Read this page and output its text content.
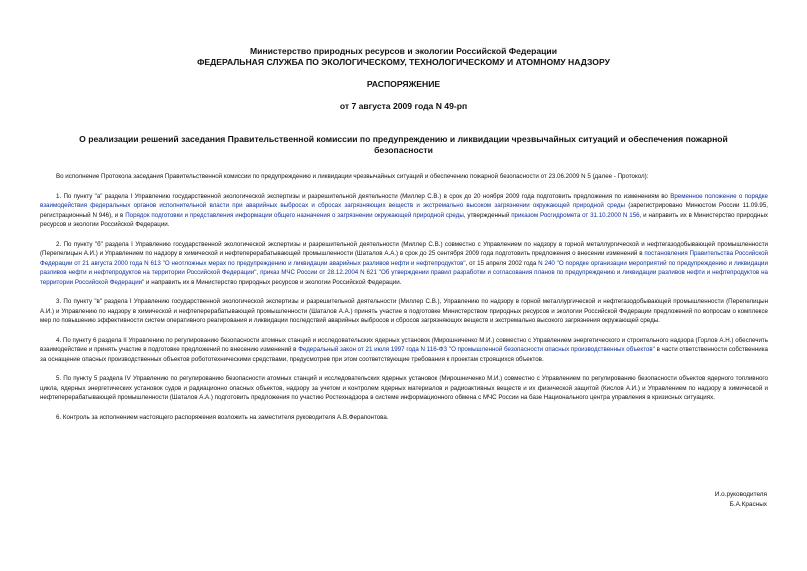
Министерство природных ресурсов и экологии Российской Федерации
ФЕДЕРАЛЬНАЯ СЛУЖБА ПО ЭКОЛОГИЧЕСКОМУ, ТЕХНОЛОГИЧЕСКОМУ И АТОМНОМУ НАДЗОРУ
РАСПОРЯЖЕНИЕ
от 7 августа 2009 года N 49-рп
О реализации решений заседания Правительственной комиссии по предупреждению и ликвидации чрезвычайных ситуаций и обеспечения пожарной безопасности

Во исполнение Протокола заседания Правительственной комиссии по предупреждению и ликвидации чрезвычайных ситуаций и обеспечению пожарной безопасности от 23.06.2009 N 5 (далее - Протокол):

1. По пункту "а" раздела I Управлению государственной экологической экспертизы и разрешительной деятельности (Миллер С.В.) в срок до 20 ноября 2009 года подготовить предложения по изменениям во Временное положение о порядке взаимодействия федеральных органов исполнительной власти при аварийных выбросах и сбросах загрязняющих веществ и экстремально высоком загрязнении окружающей природной среды (зарегистрировано Минюстом России 11.09.95, регистрационный N 946), и в Порядок подготовки и представления информации общего назначения о загрязнении окружающей природной среды, утвержденный приказом Росгидромета от 31.10.2000 N 156, и направить их в Министерство природных ресурсов и экологии Российской Федерации.

2. По пункту "б" раздела I Управлению государственной экологической экспертизы и разрешительной деятельности (Миллер С.В.) совместно с Управлением по надзору в горной металлургической и нефтегазодобывающей промышленности (Перепелицын А.И.) и Управлением по надзору в химической и нефтеперерабатывающей промышленности (Шаталов А.А.) в срок до 25 сентября 2009 года подготовить предложения о внесении изменений в постановления Правительства Российской Федерации от 21 августа 2000 года N 613 "О неотложных мерах по предупреждению и ликвидации аварийных разливов нефти и нефтепродуктов", от 15 апреля 2002 года N 240 "О порядке организации мероприятий по предупреждению и ликвидации разливов нефти и нефтепродуктов на территории Российской Федерации", приказ МЧС России от 28.12.2004 N 621 "Об утверждении правил разработки и согласования планов по предупреждению и ликвидации разливов нефти и нефтепродуктов на территории Российской Федерации" и направить их в Министерство природных ресурсов и экологии Российской Федерации.

3. По пункту "в" раздела I Управлению государственной экологической экспертизы и разрешительной деятельности (Миллер С.В.), Управлению по надзору в горной металлургической и нефтегазодобывающей промышленности (Перепелицын А.И.) и Управлению по надзору в химической и нефтеперерабатывающей промышленности (Шаталов А.А.) принять участие в подготовке Министерством природных ресурсов и экологии Российской Федерации предложений по вопросам о комплексе мер по повышению эффективности систем оперативного реагирования и ликвидации последствий аварийных выбросов и сбросов загрязняющих веществ и экстремально высокого загрязнения окружающей среды.

4. По пункту 6 раздела II Управлению по регулированию безопасности атомных станций и исследовательских ядерных установок (Мирошниченко М.И.) совместно с Управлением энергетического и строительного надзора (Горлов А.Н.) обеспечить взаимодействие и принять участие в подготовке предложений по внесению изменений в Федеральный закон от 21 июля 1997 года N 116-ФЗ "О промышленной безопасности опасных производственных объектов" в части ответственности собственника за оснащение опасных производственных объектов робототехническими средствами, предусмотрев при этом соответствующие требования к проектам строящихся объектов.

5. По пункту 5 раздела IV Управлению по регулированию безопасности атомных станций и исследовательских ядерных установок (Мирошниченко М.И.) совместно с Управлением по регулированию безопасности объектов ядерного топливного цикла, ядерных энергетических установок судов и радиационно опасных объектов, надзору за учетом и контролем ядерных материалов и радиоактивных веществ и их физической защитой (Кислов А.И.) и Управлением по надзору в химической и нефтеперерабатывающей промышленности (Шаталов А.А.) подготовить предложения по участию Ростехнадзора в системе информационного обмена с МЧС России на базе Национального центра управления в кризисных ситуациях.

6. Контроль за исполнением настоящего распоряжения возложить на заместителя руководителя А.В.Ферапонтова.

И.о.руководителя
Б.А.Красных
